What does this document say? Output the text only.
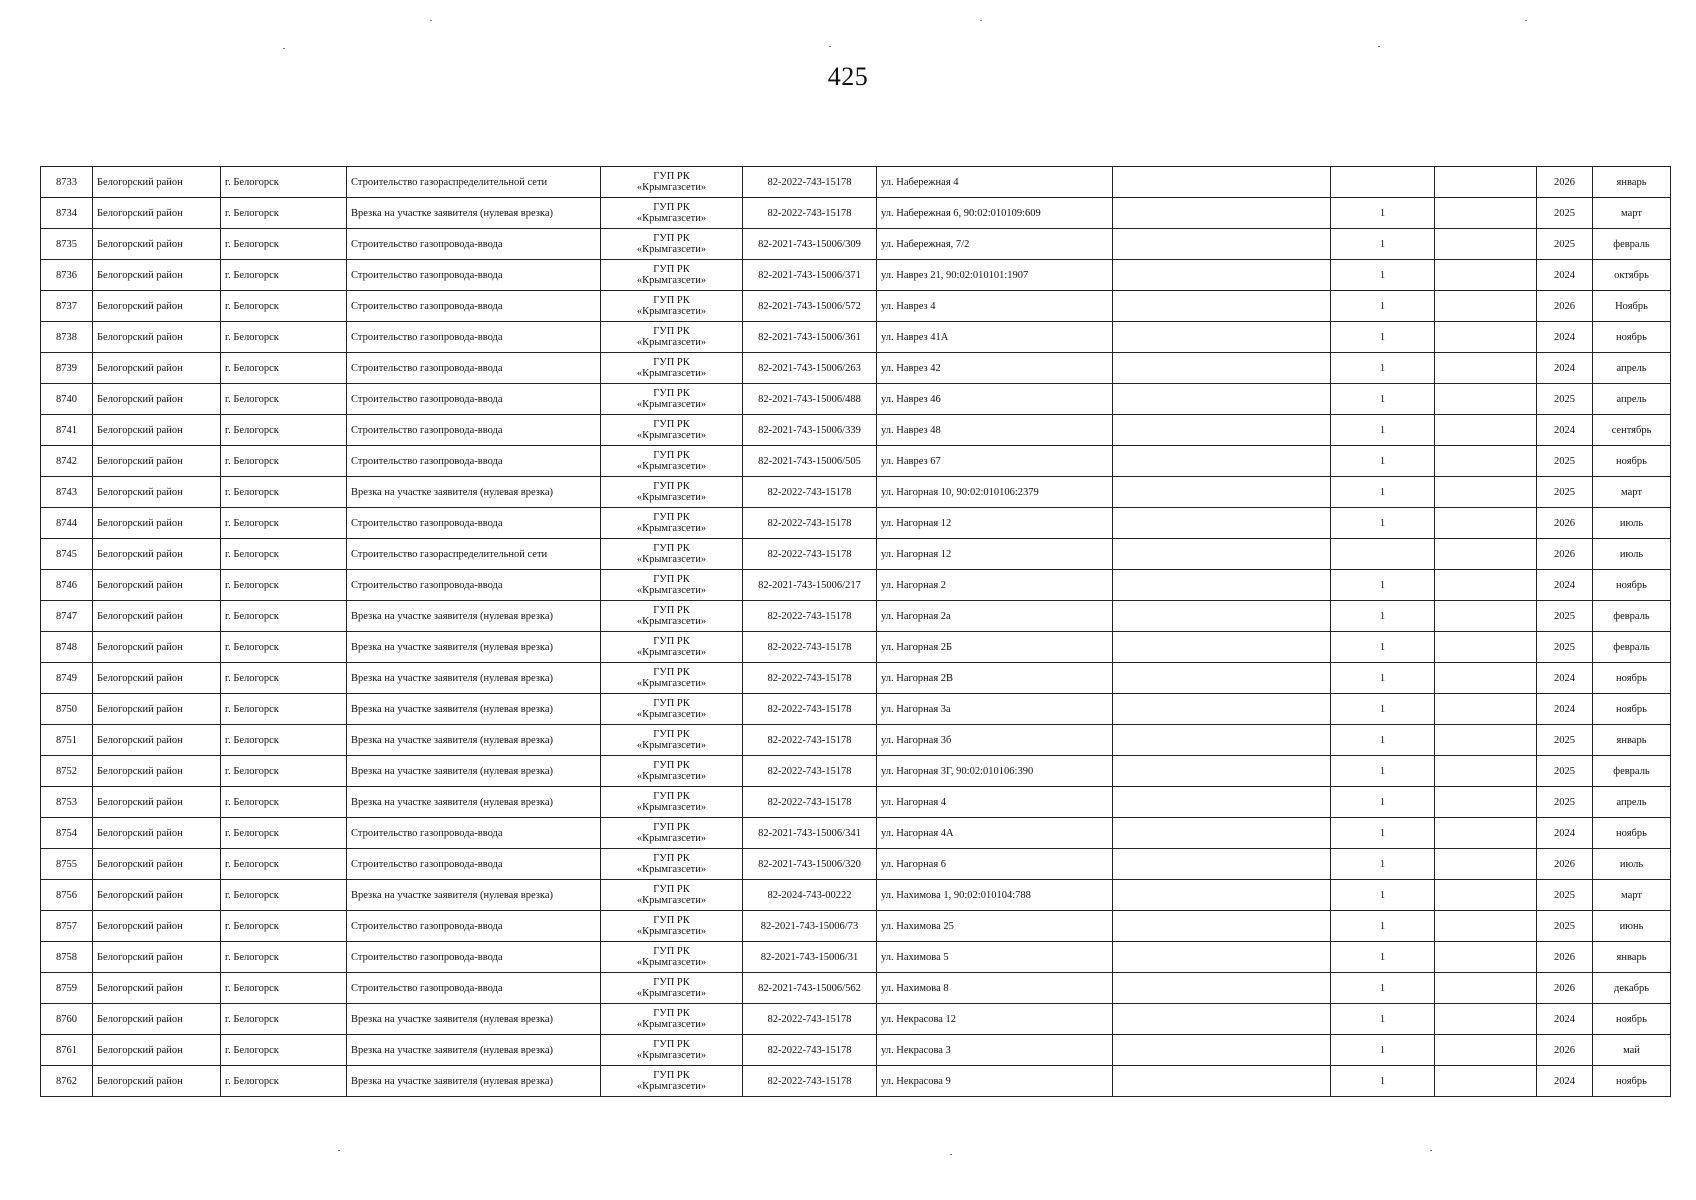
425
8733	Белогорский район	г. Белогорск	Строительство газораспределительной сети	ГУП РК
«Крымгазсети»	82-2022-743-15178	ул. Набережная 4				2026	январь
8734	Белогорский район	г. Белогорск	Врезка на участке заявителя (нулевая врезка)	ГУП РК
«Крымгазсети»	82-2022-743-15178	ул. Набережная 6, 90:02:010109:609		1		2025	март
8735	Белогорский район	г. Белогорск	Строительство газопровода-ввода	ГУП РК
«Крымгазсети»	82-2021-743-15006/309	ул. Набережная, 7/2		1		2025	февраль
8736	Белогорский район	г. Белогорск	Строительство газопровода-ввода	ГУП РК
«Крымгазсети»	82-2021-743-15006/371	ул. Наврез 21, 90:02:010101:1907		1		2024	октябрь
8737	Белогорский район	г. Белогорск	Строительство газопровода-ввода	ГУП РК
«Крымгазсети»	82-2021-743-15006/572	ул. Наврез 4		1		2026	Ноябрь
8738	Белогорский район	г. Белогорск	Строительство газопровода-ввода	ГУП РК
«Крымгазсети»	82-2021-743-15006/361	ул. Наврез 41А		1		2024	ноябрь
8739	Белогорский район	г. Белогорск	Строительство газопровода-ввода	ГУП РК
«Крымгазсети»	82-2021-743-15006/263	ул. Наврез 42		1		2024	апрель
8740	Белогорский район	г. Белогорск	Строительство газопровода-ввода	ГУП РК
«Крымгазсети»	82-2021-743-15006/488	ул. Наврез 46		1		2025	апрель
8741	Белогорский район	г. Белогорск	Строительство газопровода-ввода	ГУП РК
«Крымгазсети»	82-2021-743-15006/339	ул. Наврез 48		1		2024	сентябрь
8742	Белогорский район	г. Белогорск	Строительство газопровода-ввода	ГУП РК
«Крымгазсети»	82-2021-743-15006/505	ул. Наврез 67		1		2025	ноябрь
8743	Белогорский район	г. Белогорск	Врезка на участке заявителя (нулевая врезка)	ГУП РК
«Крымгазсети»	82-2022-743-15178	ул. Нагорная 10, 90:02:010106:2379		1		2025	март
8744	Белогорский район	г. Белогорск	Строительство газопровода-ввода	ГУП РК
«Крымгазсети»	82-2022-743-15178	ул. Нагорная 12		1		2026	июль
8745	Белогорский район	г. Белогорск	Строительство газораспределительной сети	ГУП РК
«Крымгазсети»	82-2022-743-15178	ул. Нагорная 12				2026	июль
8746	Белогорский район	г. Белогорск	Строительство газопровода-ввода	ГУП РК
«Крымгазсети»	82-2021-743-15006/217	ул. Нагорная 2		1		2024	ноябрь
8747	Белогорский район	г. Белогорск	Врезка на участке заявителя (нулевая врезка)	ГУП РК
«Крымгазсети»	82-2022-743-15178	ул. Нагорная 2а		1		2025	февраль
8748	Белогорский район	г. Белогорск	Врезка на участке заявителя (нулевая врезка)	ГУП РК
«Крымгазсети»	82-2022-743-15178	ул. Нагорная 2Б		1		2025	февраль
8749	Белогорский район	г. Белогорск	Врезка на участке заявителя (нулевая врезка)	ГУП РК
«Крымгазсети»	82-2022-743-15178	ул. Нагорная 2В		1		2024	ноябрь
8750	Белогорский район	г. Белогорск	Врезка на участке заявителя (нулевая врезка)	ГУП РК
«Крымгазсети»	82-2022-743-15178	ул. Нагорная 3а		1		2024	ноябрь
8751	Белогорский район	г. Белогорск	Врезка на участке заявителя (нулевая врезка)	ГУП РК
«Крымгазсети»	82-2022-743-15178	ул. Нагорная 3б		1		2025	январь
8752	Белогорский район	г. Белогорск	Врезка на участке заявителя (нулевая врезка)	ГУП РК
«Крымгазсети»	82-2022-743-15178	ул. Нагорная 3Г, 90:02:010106:390		1		2025	февраль
8753	Белогорский район	г. Белогорск	Врезка на участке заявителя (нулевая врезка)	ГУП РК
«Крымгазсети»	82-2022-743-15178	ул. Нагорная 4		1		2025	апрель
8754	Белогорский район	г. Белогорск	Строительство газопровода-ввода	ГУП РК
«Крымгазсети»	82-2021-743-15006/341	ул. Нагорная 4А		1		2024	ноябрь
8755	Белогорский район	г. Белогорск	Строительство газопровода-ввода	ГУП РК
«Крымгазсети»	82-2021-743-15006/320	ул. Нагорная 6		1		2026	июль
8756	Белогорский район	г. Белогорск	Врезка на участке заявителя (нулевая врезка)	ГУП РК
«Крымгазсети»	82-2024-743-00222	ул. Нахимова 1, 90:02:010104:788		1		2025	март
8757	Белогорский район	г. Белогорск	Строительство газопровода-ввода	ГУП РК
«Крымгазсети»	82-2021-743-15006/73	ул. Нахимова 25		1		2025	июнь
8758	Белогорский район	г. Белогорск	Строительство газопровода-ввода	ГУП РК
«Крымгазсети»	82-2021-743-15006/31	ул. Нахимова 5		1		2026	январь
8759	Белогорский район	г. Белогорск	Строительство газопровода-ввода	ГУП РК
«Крымгазсети»	82-2021-743-15006/562	ул. Нахимова 8		1		2026	декабрь
8760	Белогорский район	г. Белогорск	Врезка на участке заявителя (нулевая врезка)	ГУП РК
«Крымгазсети»	82-2022-743-15178	ул. Некрасова 12		1		2024	ноябрь
8761	Белогорский район	г. Белогорск	Врезка на участке заявителя (нулевая врезка)	ГУП РК
«Крымгазсети»	82-2022-743-15178	ул. Некрасова 3		1		2026	май
8762	Белогорский район	г. Белогорск	Врезка на участке заявителя (нулевая врезка)	ГУП РК
«Крымгазсети»	82-2022-743-15178	ул. Некрасова 9		1		2024	ноябрь
